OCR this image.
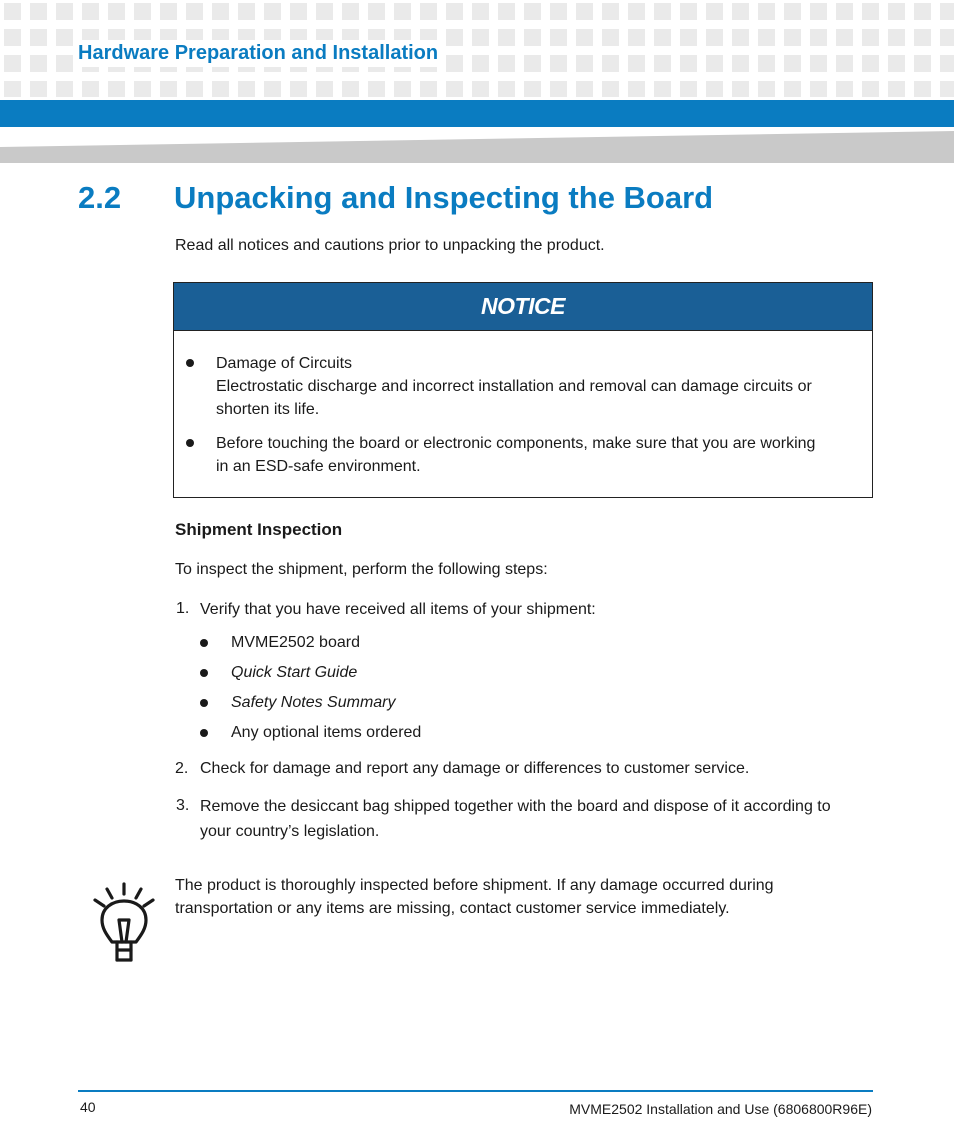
Hardware Preparation and Installation
2.2 Unpacking and Inspecting the Board

Read all notices and cautions prior to unpacking the product.

NOTICE

Damage of Circuits

Electrostatic discharge and incorrect installation and removal can damage circuits or

shorten its life.

Before touching the board or electronic components, make sure that you are working

in an ESD-safe environment.

Shipment Inspection

To inspect the shipment, perform the following steps:

1. Verify that you have received all items of your shipment:

MVME2502 board

Quick Start Guide

Safety Notes Summary

Any optional items ordered

2. Check for damage and report any damage or differences to customer service.

3. Remove the desiccant bag shipped together with the board and dispose of it according to

your country’s legislation.

The product is thoroughly inspected before shipment. If any damage occurred during

transportation or any items are missing, contact customer service immediately.

40	MVME2502 Installation and Use (6806800R96E)
